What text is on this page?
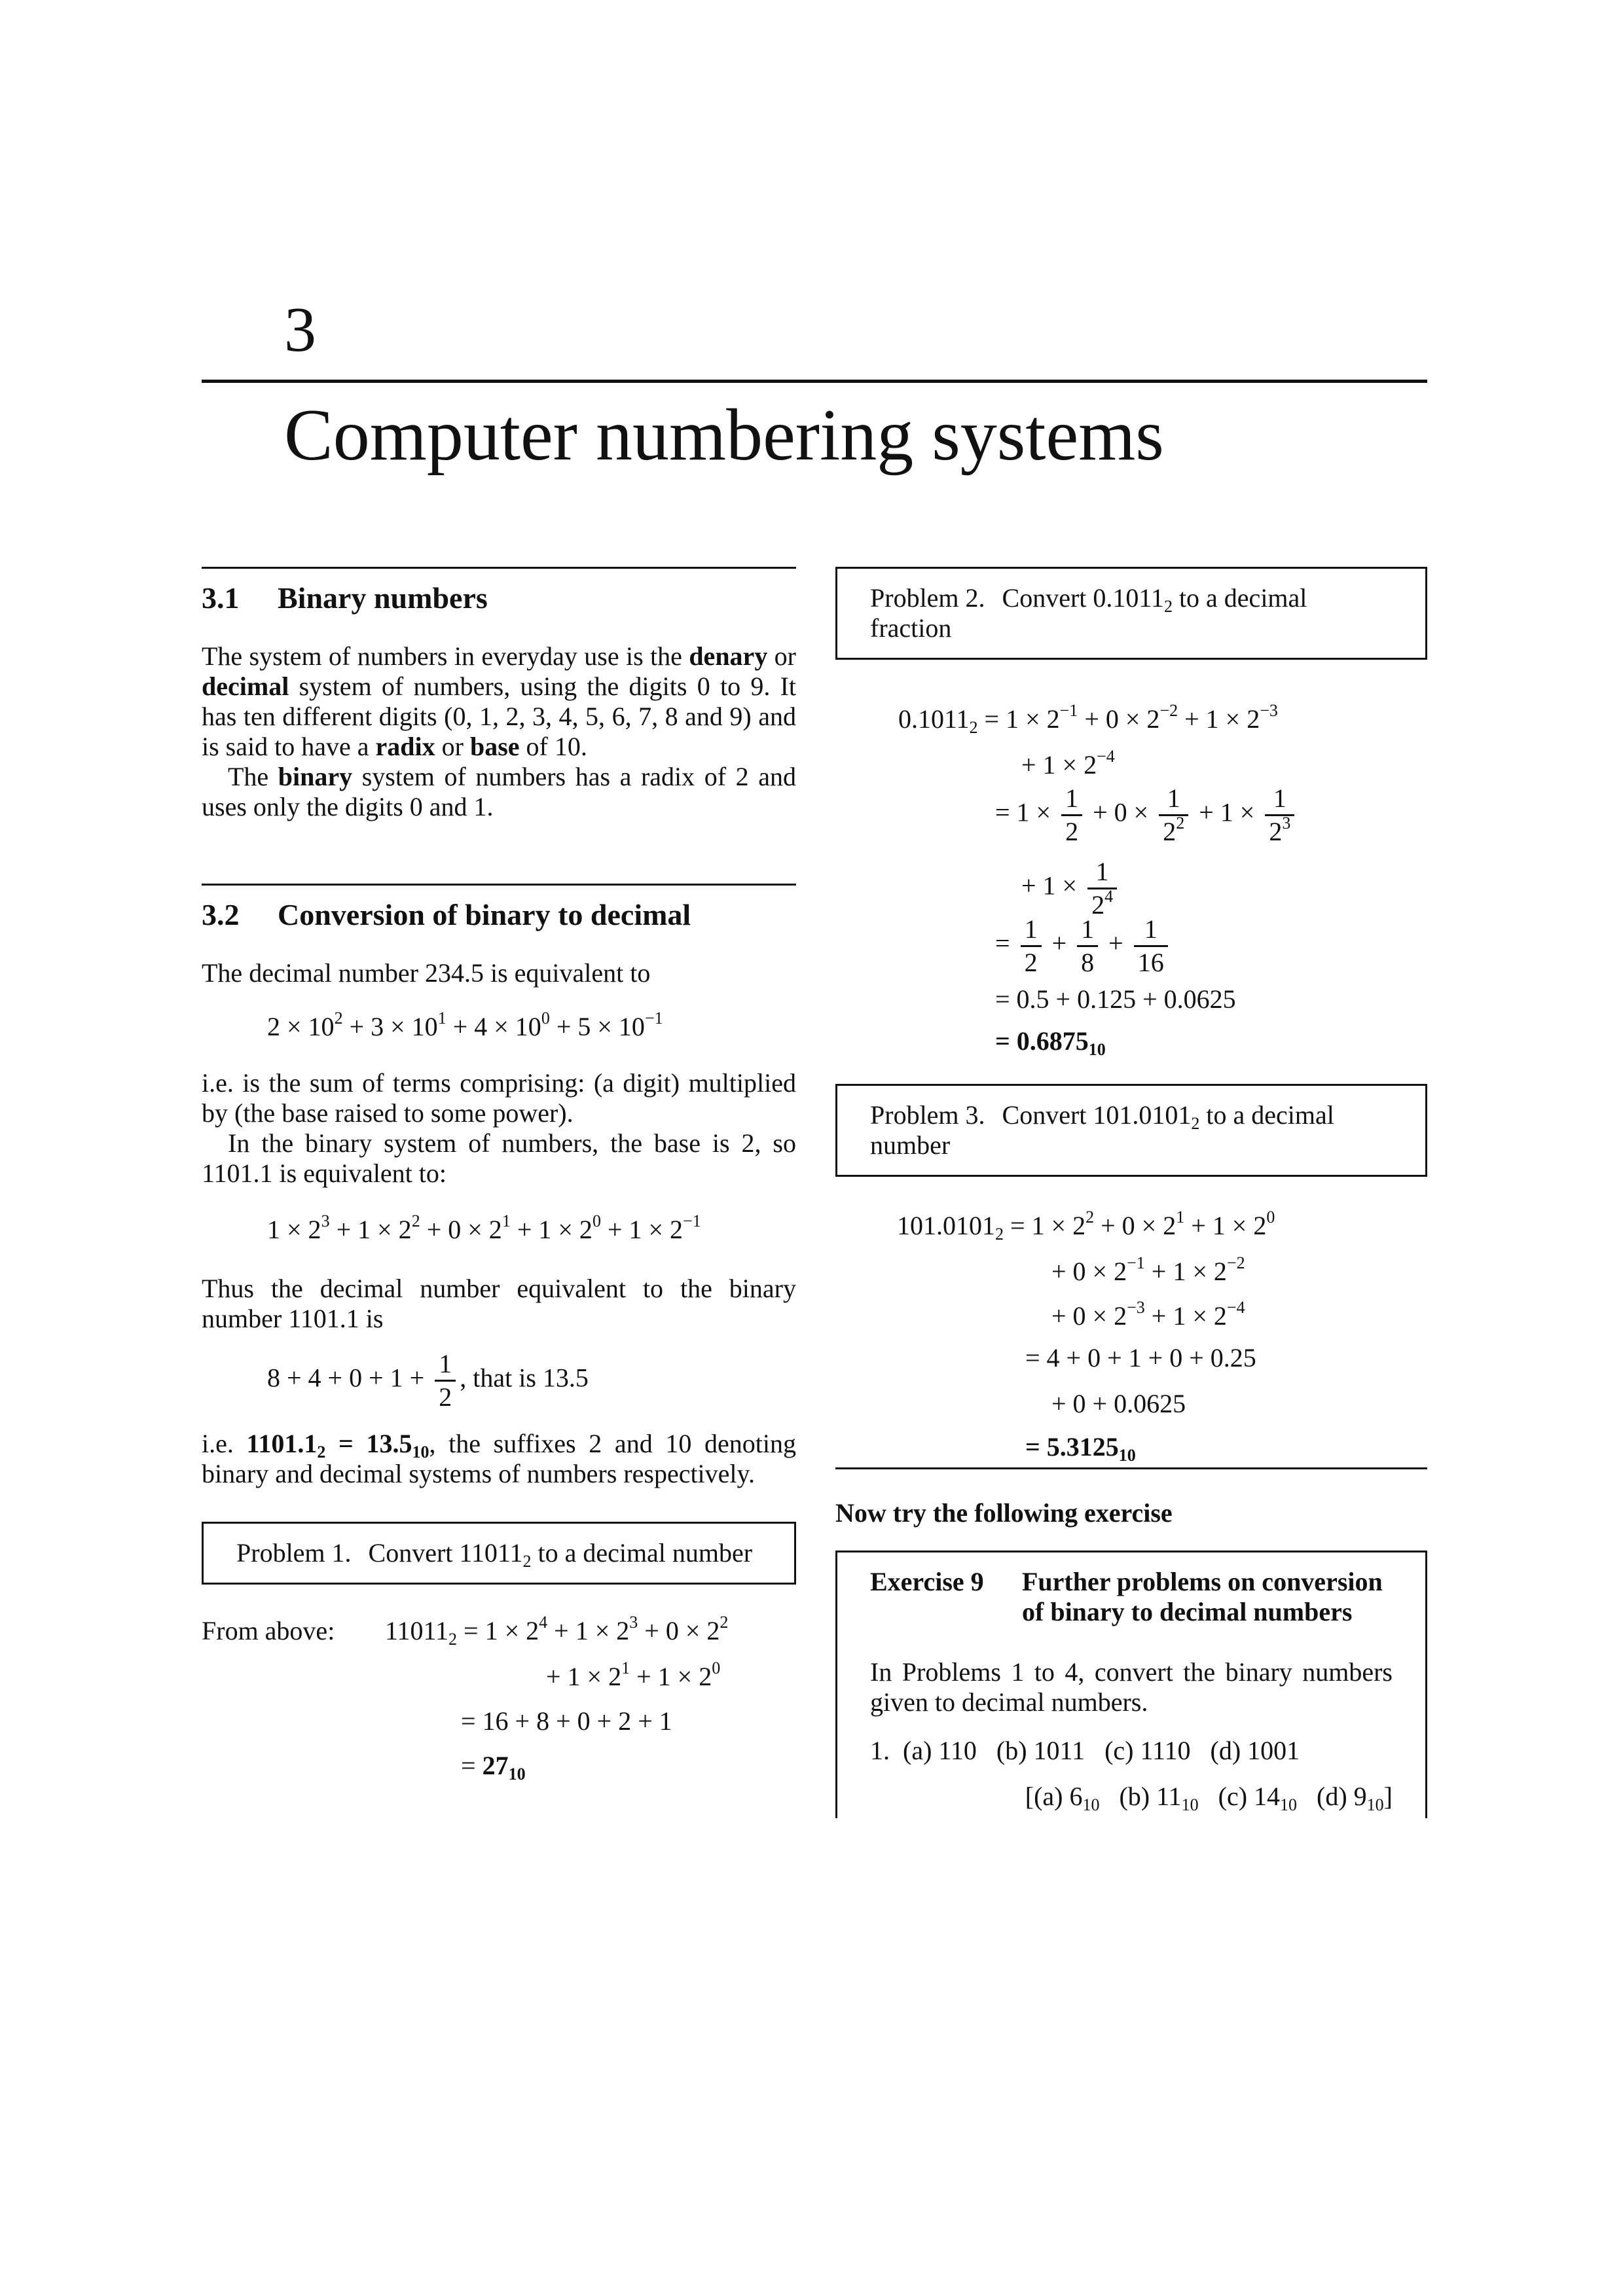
3
Computer numbering systems
3.1 Binary numbers

The system of numbers in everyday use is the denary or decimal system of numbers, using the digits 0 to 9. It has ten different digits (0, 1, 2, 3, 4, 5, 6, 7, 8 and 9) and is said to have a radix or base of 10.

The binary system of numbers has a radix of 2 and uses only the digits 0 and 1.

3.2 Conversion of binary to decimal

The decimal number 234.5 is equivalent to

$2 \times 10^2 + 3 \times 10^1 + 4 \times 10^0 + 5 \times 10^{-1}$

i.e. is the sum of terms comprising: (a digit) multiplied by (the base raised to some power).

In the binary system of numbers, the base is 2, so 1101.1 is equivalent to:

$1 \times 2^3 + 1 \times 2^2 + 0 \times 2^1 + 1 \times 2^0 + 1 \times 2^{-1}$

Thus the decimal number equivalent to the binary number 1101.1 is

$8 + 4 + 0 + 1 + \frac{1}{2}$ , that is 13.5

i.e. $1101.1_2 = 13.5_{10}$, the suffixes 2 and 10 denoting binary and decimal systems of numbers respectively.

Problem 1. Convert $11011_2$ to a decimal number
From above: $11011_2 = 1 \times 2^4 + 1 \times 2^3 + 0 \times 2^2$
+ $1 \times 2^1 + 1 \times 2^0$
= 16 + 8 + 0 + 2 + 1
= $27_{10}$
Problem 2. Convert $0.1011_2$ to a decimal fraction
$0.1011_2 = 1 \times 2^{-1} + 0 \times 2^{-2} + 1 \times 2^{-3}$
+ $1 \times 2^{-4}$
= $1 \times \frac{1}{2} + 0 \times \frac{1}{2^2} + 1 \times \frac{1}{2^3}$
+ $1 \times \frac{1}{2^4}$
= $\frac{1}{2} + \frac{1}{8} + \frac{1}{16}$
= 0.5 + 0.125 + 0.0625
= $0.6875_{10}$
Problem 3. Convert $101.0101_2$ to a decimal number
$101.0101_2 = 1 \times 2^2 + 0 \times 2^1 + 1 \times 2^0$
+ $0 \times 2^{-1} + 1 \times 2^{-2}$
+ $0 \times 2^{-3} + 1 \times 2^{-4}$
= 4 + 0 + 1 + 0 + 0.25
+ 0 + 0.0625
= $5.3125_{10}$
Now try the following exercise
Exercise 9	Further problems on conversion of binary to decimal numbers

In Problems 1 to 4, convert the binary numbers given to decimal numbers.

1. (a) 110   (b) 1011   (c) 1110   (d) 1001
[(a) $6_{10}$   (b) $11_{10}$   (c) $14_{10}$   (d) $9_{10}$]
